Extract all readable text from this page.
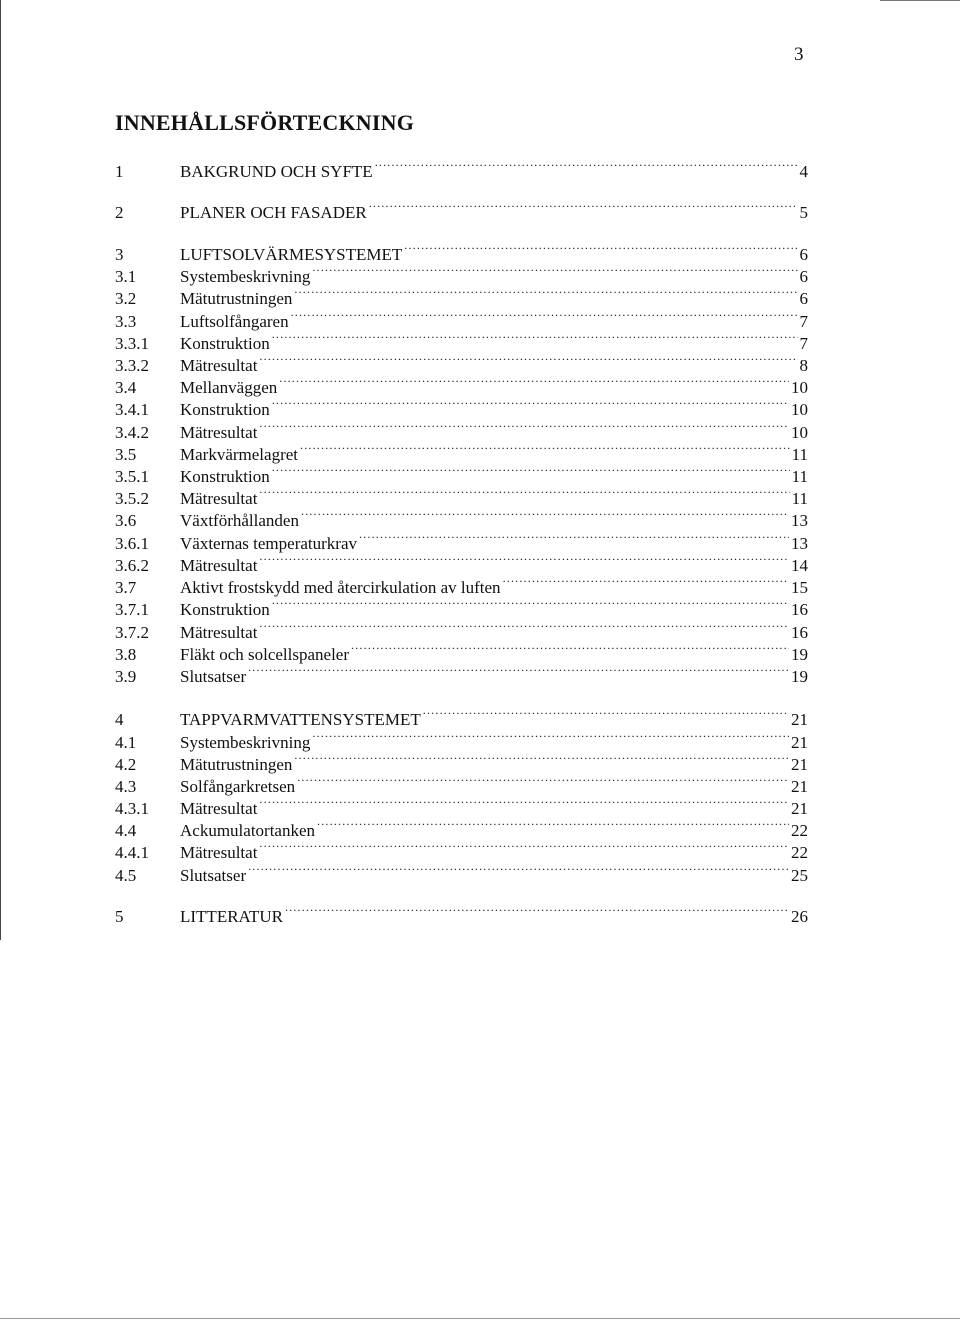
3
INNEHÅLLSFÖRTECKNING
1	BAKGRUND OCH SYFTE .....	4
2	PLANER OCH FASADER .....	5
3	LUFTSOLVÄRMESYSTEMET .....	6
3.1	Systembeskrivning .....	6
3.2	Mätutrustningen .....	6
3.3	Luftsolfångaren .....	7
3.3.1	Konstruktion .....	7
3.3.2	Mätresultat .....	8
3.4	Mellanväggen .....	10
3.4.1	Konstruktion .....	10
3.4.2	Mätresultat .....	10
3.5	Markvärmelagret .....	11
3.5.1	Konstruktion .....	11
3.5.2	Mätresultat .....	11
3.6	Växtförhållanden .....	13
3.6.1	Växternas temperaturkrav .....	13
3.6.2	Mätresultat .....	14
3.7	Aktivt frostskydd med återcirkulation av luften .....	15
3.7.1	Konstruktion .....	16
3.7.2	Mätresultat .....	16
3.8	Fläkt och solcellspaneler .....	19
3.9	Slutsatser .....	19
4	TAPPVARMVATTENSYSTEMET .....	21
4.1	Systembeskrivning .....	21
4.2	Mätutrustningen .....	21
4.3	Solfångarkretsen .....	21
4.3.1	Mätresultat .....	21
4.4	Ackumulatortanken .....	22
4.4.1	Mätresultat .....	22
4.5	Slutsatser .....	25
5	LITTERATUR .....	26
